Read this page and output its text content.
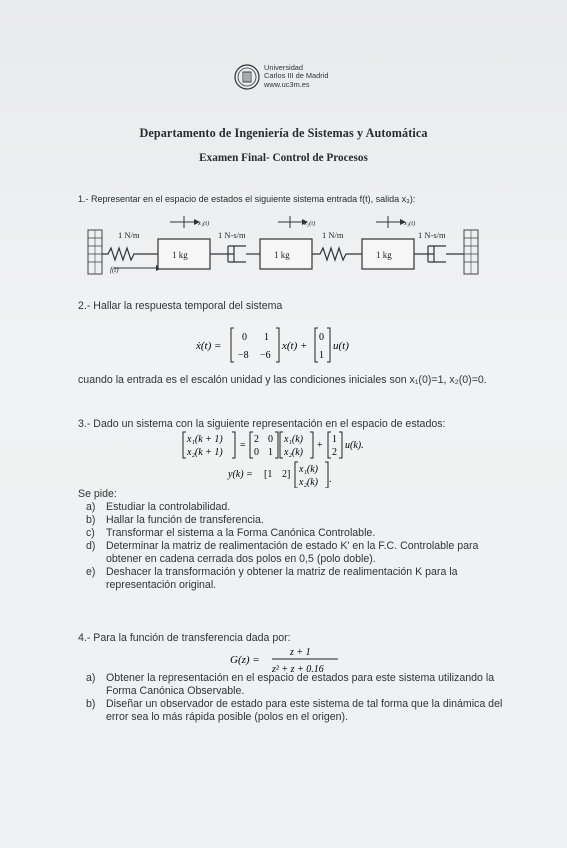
Universidad
Carlos III de Madrid
www.uc3m.es
Departamento de Ingeniería de Sistemas y Automática
Examen Final- Control de Procesos
1.- Representar en el espacio de estados el siguiente sistema entrada f(t), salida x₃):
1 N/m
f(t)
1 kg
x₁(t)
1 N-s/m
1 kg
x₂(t)
1 N/m
1 kg
x₃(t)
1 N-s/m
2.- Hallar la respuesta temporal del sistema
ẋ(t) =
0 1
−8 −6
x(t) +
0
1
u(t)
cuando la entrada es el escalón unidad y las condiciones iniciales son x₁(0)=1, x₂(0)=0.
3.- Dado un sistema con la siguiente representación en el espacio de estados:
x₁(k + 1)
x₂(k + 1)
=
2 0
0 1
x₁(k)
x₂(k)
+
1
2
u(k).
y(k) = [1 2] x₁(k)
x₂(k) .
Se pide:
a) Estudiar la controlabilidad.
b) Hallar la función de transferencia.
c) Transformar el sistema a la Forma Canónica Controlable.
d) Determinar la matriz de realimentación de estado K' en la F.C. Controlable para obtener en cadena cerrada dos polos en 0,5 (polo doble).
e) Deshacer la transformación y obtener la matriz de realimentación K para la representación original.
4.- Para la función de transferencia dada por:
G(z) =
z + 1
z² + z + 0.16
a) Obtener la representación en el espacio de estados para este sistema utilizando la Forma Canónica Observable.
b) Diseñar un observador de estado para este sistema de tal forma que la dinámica del error sea lo más rápida posible (polos en el origen).
